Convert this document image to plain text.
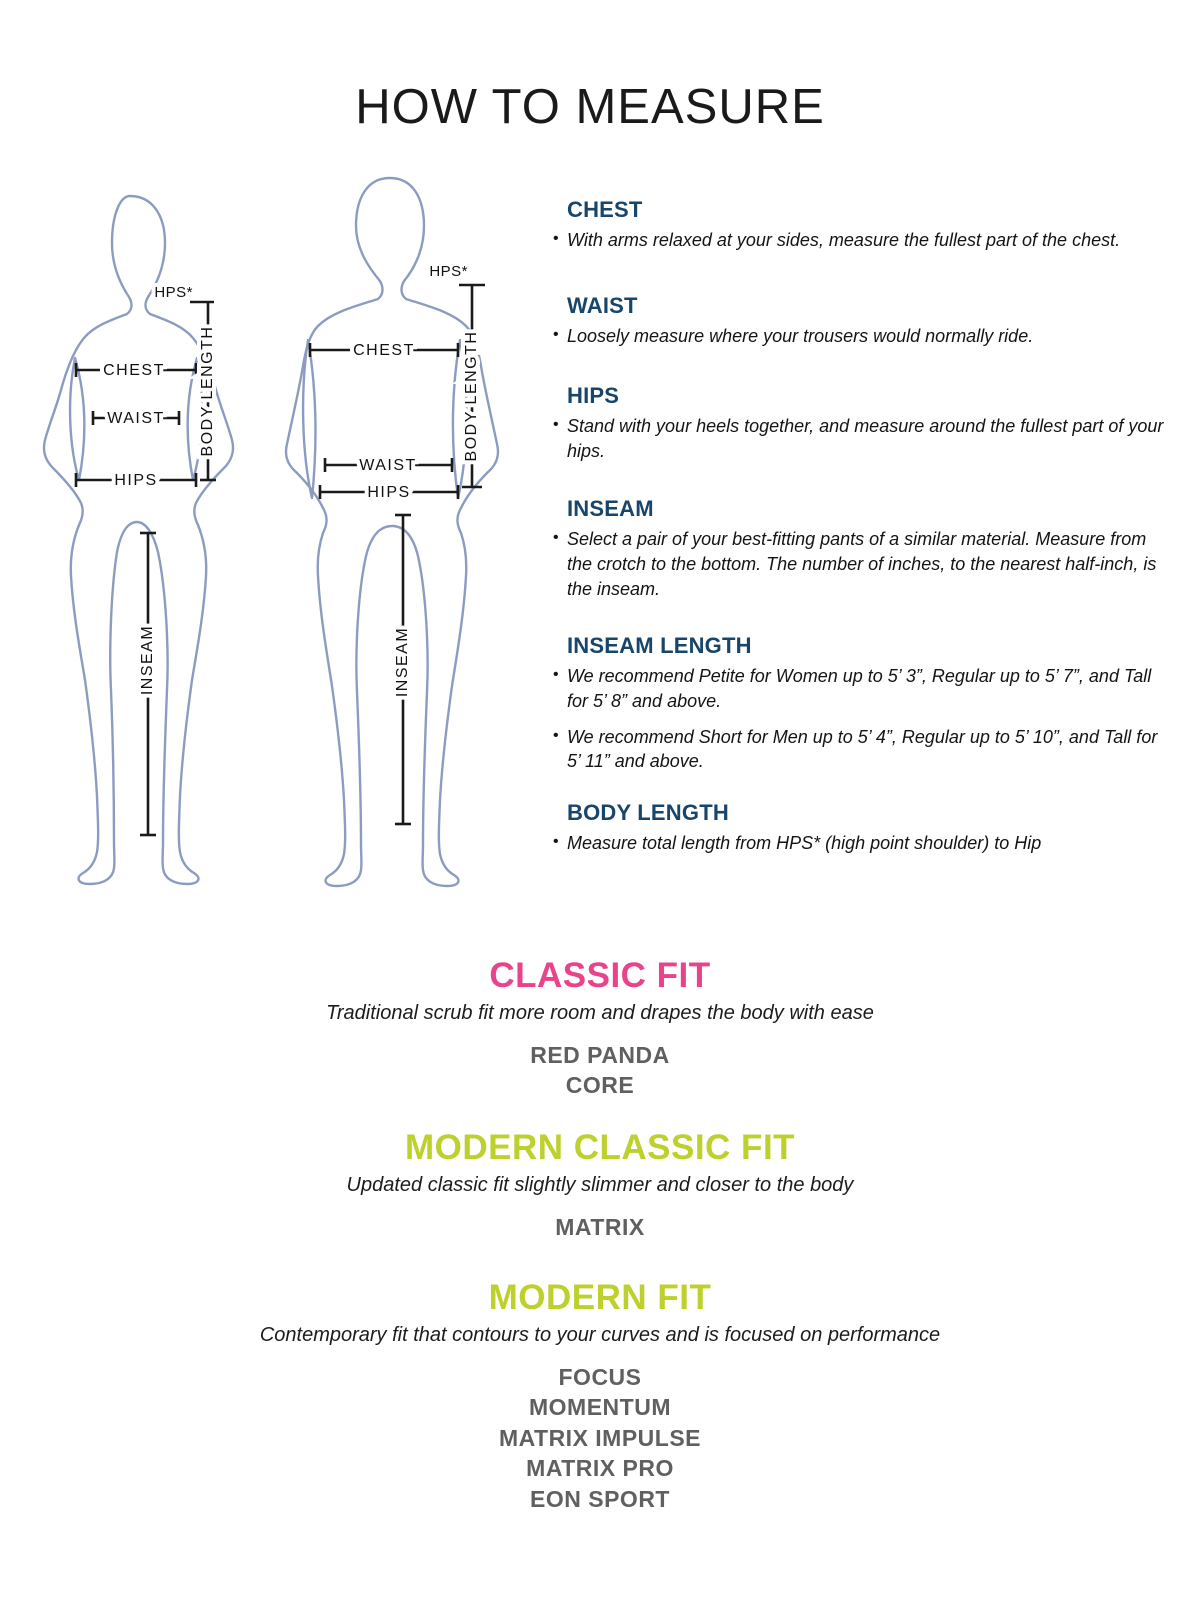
HOW TO MEASURE
HPS*
CHEST
WAIST
HIPS
BODY LENGTH
INSEAM
HPS*
CHEST
WAIST
HIPS
BODY LENGTH
INSEAM
CHEST
• With arms relaxed at your sides, measure the fullest part of the chest.
WAIST
• Loosely measure where your trousers would normally ride.
HIPS
• Stand with your heels together, and measure around the fullest part of your hips.
INSEAM
• Select a pair of your best-fitting pants of a similar material. Measure from the crotch to the bottom. The number of inches, to the nearest half-inch, is the inseam.
INSEAM LENGTH
• We recommend Petite for Women up to 5’ 3”, Regular up to 5’ 7”, and Tall for 5’ 8” and above.
• We recommend Short for Men up to 5’ 4”, Regular up to 5’ 10”, and Tall for 5’ 11” and above.
BODY LENGTH
• Measure total length from HPS* (high point shoulder) to Hip
CLASSIC FIT
Traditional scrub fit more room and drapes the body with ease
RED PANDA
CORE
MODERN CLASSIC FIT
Updated classic fit slightly slimmer and closer to the body
MATRIX
MODERN FIT
Contemporary fit that contours to your curves and is focused on performance
FOCUS
MOMENTUM
MATRIX IMPULSE
MATRIX PRO
EON SPORT
